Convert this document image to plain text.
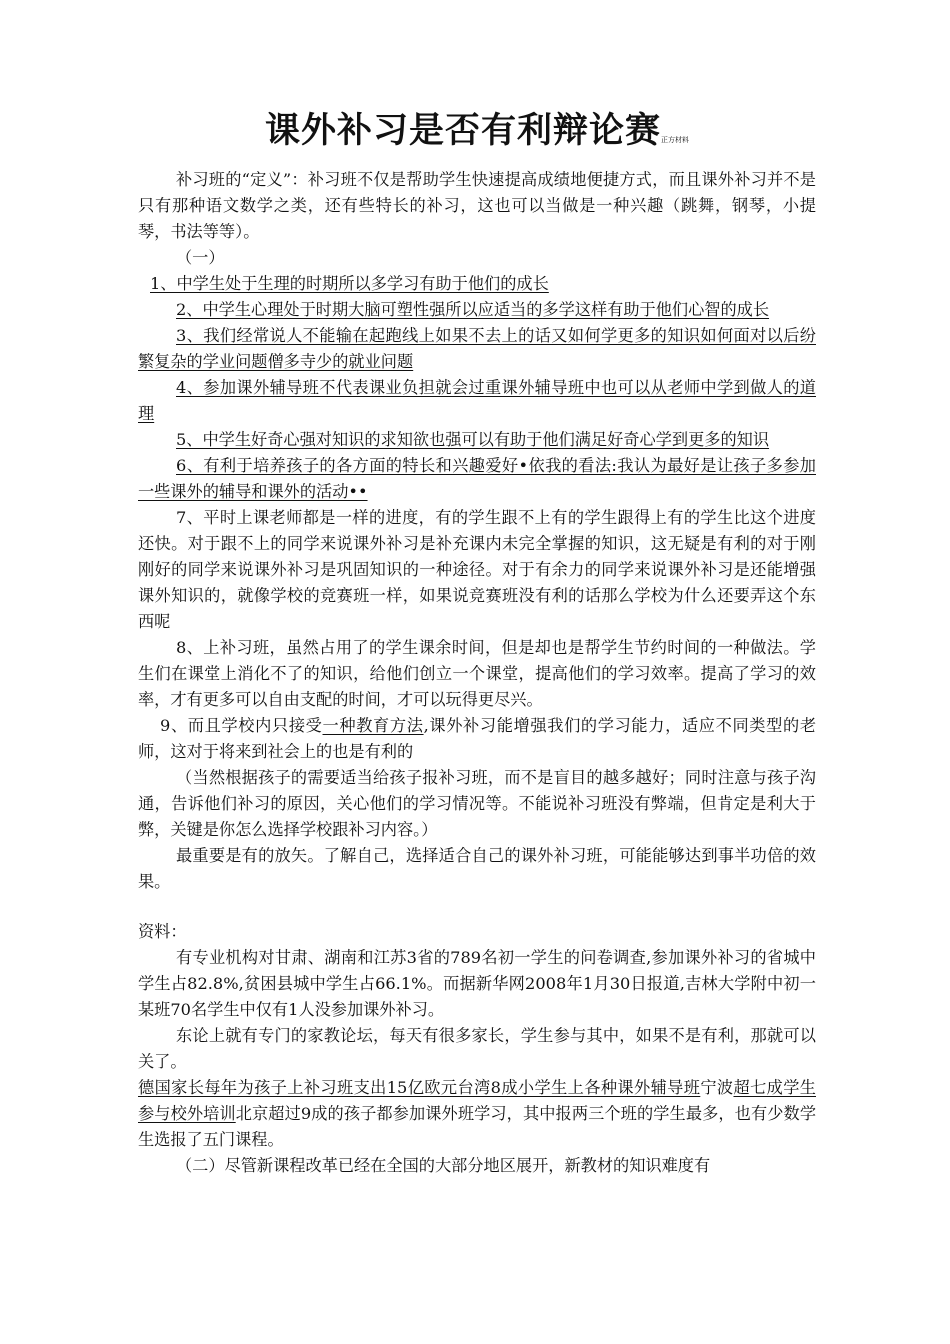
课外补习是否有利辩论赛正方材料

补习班的“定义”：补习班不仅是帮助学生快速提高成绩地便捷方式，而且课外补习并不是只有那种语文数学之类，还有些特长的补习，这也可以当做是一种兴趣（跳舞，钢琴，小提琴，书法等等）。

（一）

1、中学生处于生理的时期所以多学习有助于他们的成长

2、中学生心理处于时期大脑可塑性强所以应适当的多学这样有助于他们心智的成长

3、我们经常说人不能输在起跑线上如果不去上的话又如何学更多的知识如何面对以后纷繁复杂的学业问题僧多寺少的就业问题

4、参加课外辅导班不代表课业负担就会过重课外辅导班中也可以从老师中学到做人的道理

5、中学生好奇心强对知识的求知欲也强可以有助于他们满足好奇心学到更多的知识

6、有利于培养孩子的各方面的特长和兴趣爱好•依我的看法:我认为最好是让孩子多参加一些课外的辅导和课外的活动••

7、平时上课老师都是一样的进度，有的学生跟不上有的学生跟得上有的学生比这个进度还快。对于跟不上的同学来说课外补习是补充课内未完全掌握的知识，这无疑是有利的对于刚刚好的同学来说课外补习是巩固知识的一种途径。对于有余力的同学来说课外补习是还能增强课外知识的，就像学校的竞赛班一样，如果说竞赛班没有利的话那么学校为什么还要弄这个东西呢

8、上补习班，虽然占用了的学生课余时间，但是却也是帮学生节约时间的一种做法。学生们在课堂上消化不了的知识，给他们创立一个课堂，提高他们的学习效率。提高了学习的效率，才有更多可以自由支配的时间，才可以玩得更尽兴。

9、而且学校内只接受一种教育方法,课外补习能增强我们的学习能力，适应不同类型的老师，这对于将来到社会上的也是有利的

（当然根据孩子的需要适当给孩子报补习班，而不是盲目的越多越好；同时注意与孩子沟通，告诉他们补习的原因，关心他们的学习情况等。不能说补习班没有弊端，但肯定是利大于弊，关键是你怎么选择学校跟补习内容。）

最重要是有的放矢。了解自己，选择适合自己的课外补习班，可能能够达到事半功倍的效果。

资料：

有专业机构对甘肃、湖南和江苏3省的789名初一学生的问卷调查,参加课外补习的省城中学生占82.8%,贫困县城中学生占66.1%。而据新华网2008年1月30日报道,吉林大学附中初一某班70名学生中仅有1人没参加课外补习。

东论上就有专门的家教论坛，每天有很多家长，学生参与其中，如果不是有利，那就可以关了。

德国家长每年为孩子上补习班支出15亿欧元台湾8成小学生上各种课外辅导班宁波超七成学生参与校外培训北京超过9成的孩子都参加课外班学习，其中报两三个班的学生最多，也有少数学生选报了五门课程。

（二）尽管新课程改革已经在全国的大部分地区展开，新教材的知识难度有
